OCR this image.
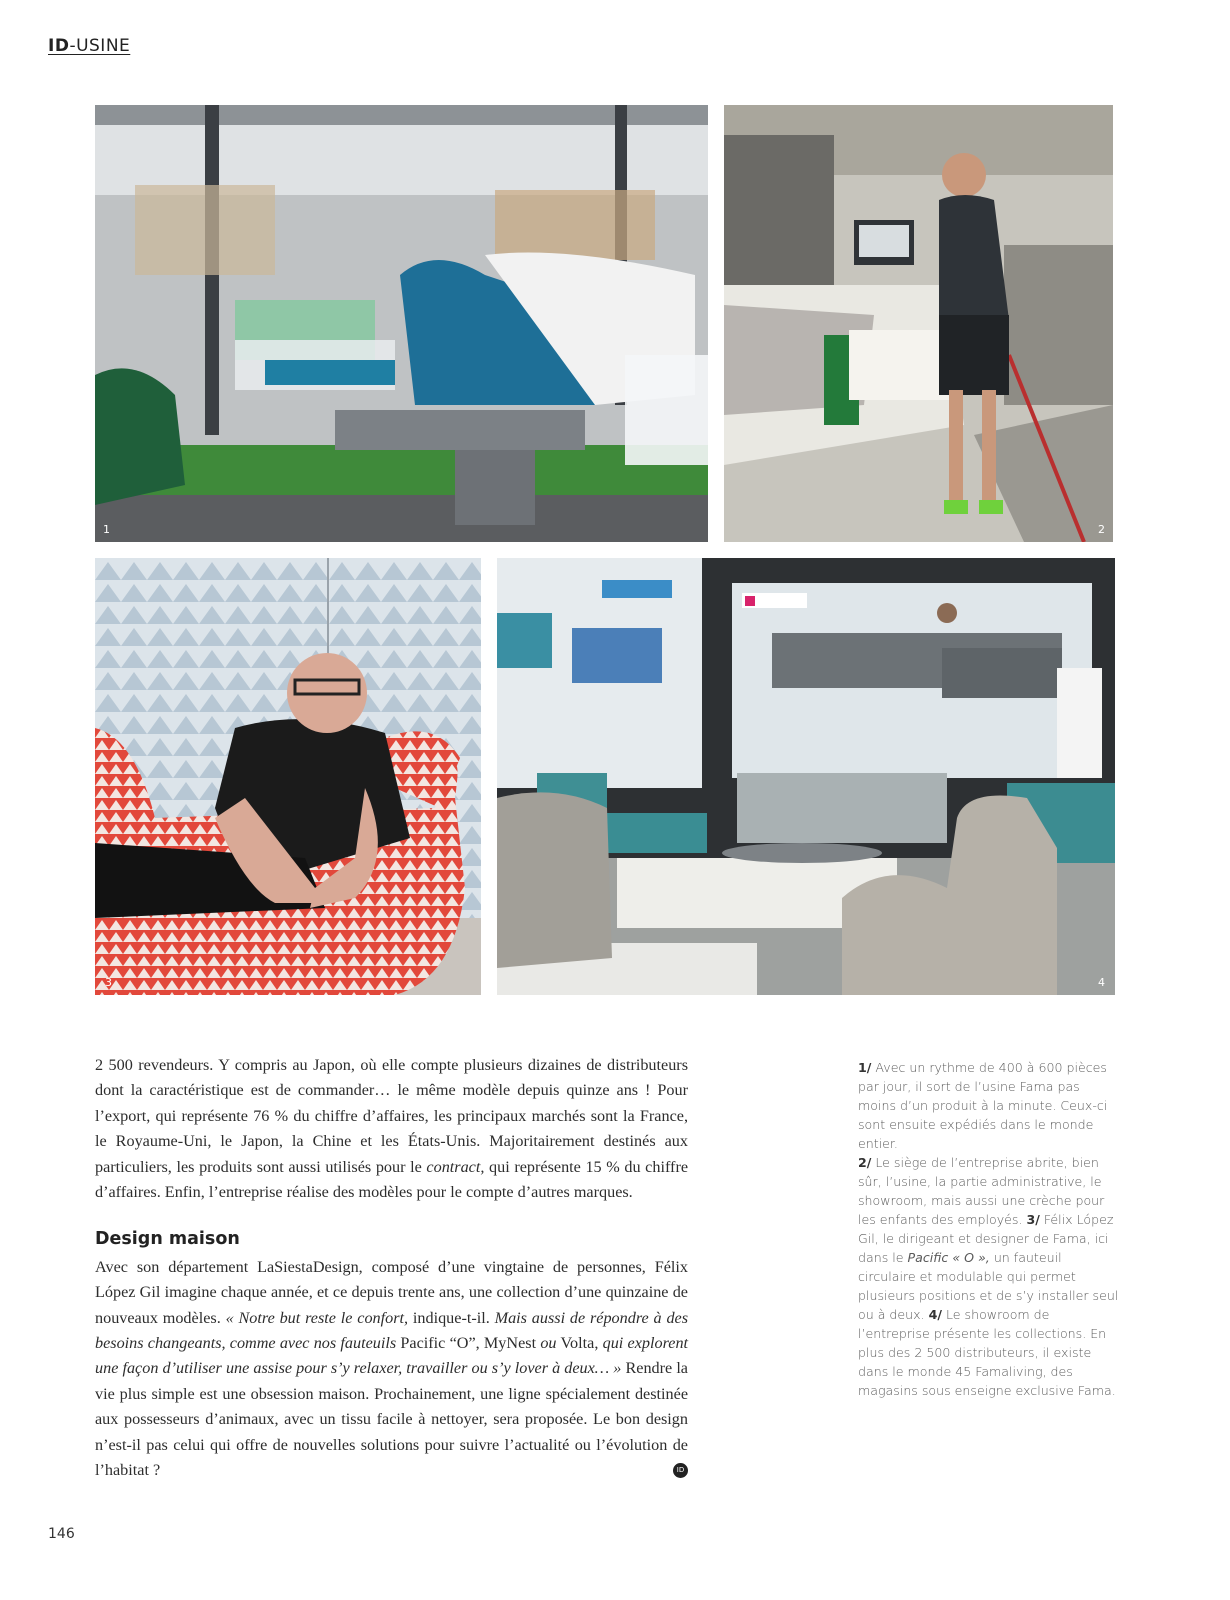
ID-USINE
1	2
3	4

2 500 revendeurs. Y compris au Japon, où elle compte plusieurs dizaines de distributeurs dont la caractéristique est de commander… le même modèle depuis quinze ans ! Pour l’export, qui représente 76 % du chiffre d’affaires, les principaux marchés sont la France, le Royaume-Uni, le Japon, la Chine et les États-Unis. Majoritairement destinés aux particuliers, les produits sont aussi utilisés pour le contract, qui représente 15 % du chiffre d’affaires. Enfin, l’entreprise réalise des modèles pour le compte d’autres marques.

Design maison

Avec son département LaSiestaDesign, composé d’une vingtaine de personnes, Félix López Gil imagine chaque année, et ce depuis trente ans, une collection d’une quinzaine de nouveaux modèles. « Notre but reste le confort, indique-t-il. Mais aussi de répondre à des besoins changeants, comme avec nos fauteuils Pacific “O”, MyNest ou Volta, qui explorent une façon d’utiliser une assise pour s’y relaxer, travailler ou s’y lover à deux… » Rendre la vie plus simple est une obsession maison. Prochainement, une ligne spécialement destinée aux possesseurs d’animaux, avec un tissu facile à nettoyer, sera proposée. Le bon design n’est-il pas celui qui offre de nouvelles solutions pour suivre l’actualité ou l’évolution de l’habitat ?	ID

1/ Avec un rythme de 400 à 600 pièces par jour, il sort de l’usine Fama pas moins d’un produit à la minute. Ceux-ci sont ensuite expédiés dans le monde entier.
2/ Le siège de l’entreprise abrite, bien sûr, l’usine, la partie administrative, le showroom, mais aussi une crèche pour les enfants des employés. 3/ Félix López Gil, le dirigeant et designer de Fama, ici dans le Pacific « O », un fauteuil circulaire et modulable qui permet plusieurs positions et de s’y installer seul ou à deux. 4/ Le showroom de l’entreprise présente les collections. En plus des 2 500 distributeurs, il existe dans le monde 45 Famaliving, des magasins sous enseigne exclusive Fama.
146
